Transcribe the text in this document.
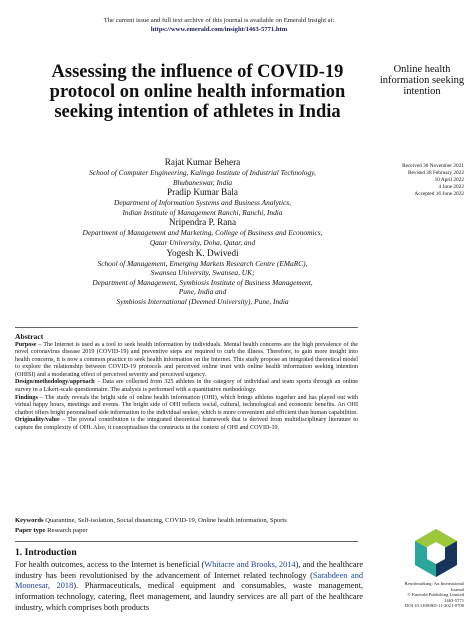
The current issue and full text archive of this journal is available on Emerald Insight at:
https://www.emerald.com/insight/1463-5771.htm
Assessing the influence of COVID-19 protocol on online health information seeking intention of athletes in India
Online health information seeking intention
Received 30 November 2021
Revised 28 February 2022
10 April 2022
4 June 2022
Accepted 16 June 2022
Rajat Kumar Behera
School of Computer Engineering, Kalinga Institute of Industrial Technology,
Bhubaneswar, India
Pradip Kumar Bala
Department of Information Systems and Business Analytics,
Indian Institute of Management Ranchi, Ranchi, India
Nripendra P. Rana
Department of Management and Marketing, College of Business and Economics,
Qatar University, Doha, Qatar, and
Yogesh K. Dwivedi
School of Management, Emerging Markets Research Centre (EMaRC),
Swansea University, Swansea, UK;
Department of Management, Symbiosis Institute of Business Management,
Pune, India and
Symbiosis International (Deemed University), Pune, India
Abstract

Purpose – The Internet is used as a tool to seek health information by individuals. Mental health concerns are the high prevalence of the novel coronavirus disease 2019 (COVID-19) and preventive steps are required to curb the illness. Therefore, to gain more insight into health concerns, it is now a common practice to seek health information on the Internet. This study propose an integrated theoretical model to explore the relationship between COVID-19 protocols and perceived online trust with online health information seeking intention (OHISI) and a moderating effect of perceived severity and perceived urgency.

Design/methodology/approach – Data are collected from 325 athletes in the category of individual and team sports through an online survey in a Likert-scale questionnaire. The analysis is performed with a quantitative methodology.

Findings – The study reveals the bright side of online health information (OHI), which brings athletes together and has played out with virtual happy hours, meetings and events. The bright side of OHI reflects social, cultural, technological and economic benefits. An OHI chatbot offers bright personalised side information to the individual seeker, which is more convenient and efficient than human capabilities.

Originality/value – The pivotal contribution is the integrated theoretical framework that is derived from multidisciplinary literature to capture the complexity of OHI. Also, it conceptualises the constructs in the context of OHI and COVID-19.

Keywords Quarantine, Self-isolation, Social distancing, COVID-19, Online health information, Sports
Paper type Research paper
1. Introduction

For health outcomes, access to the Internet is beneficial (Whitacre and Brooks, 2014), and the healthcare industry has been revolutionised by the advancement of Internet related technology (Sarabdeen and Moonesar, 2018). Pharmaceuticals, medical equipment and consumables, waste management, information technology, catering, fleet management, and laundry services are all part of the healthcare industry, which comprises both products

Benchmarking: An International
Journal
© Emerald Publishing Limited
1463-5771
DOI 10.1108/BIJ-11-2021-0700
